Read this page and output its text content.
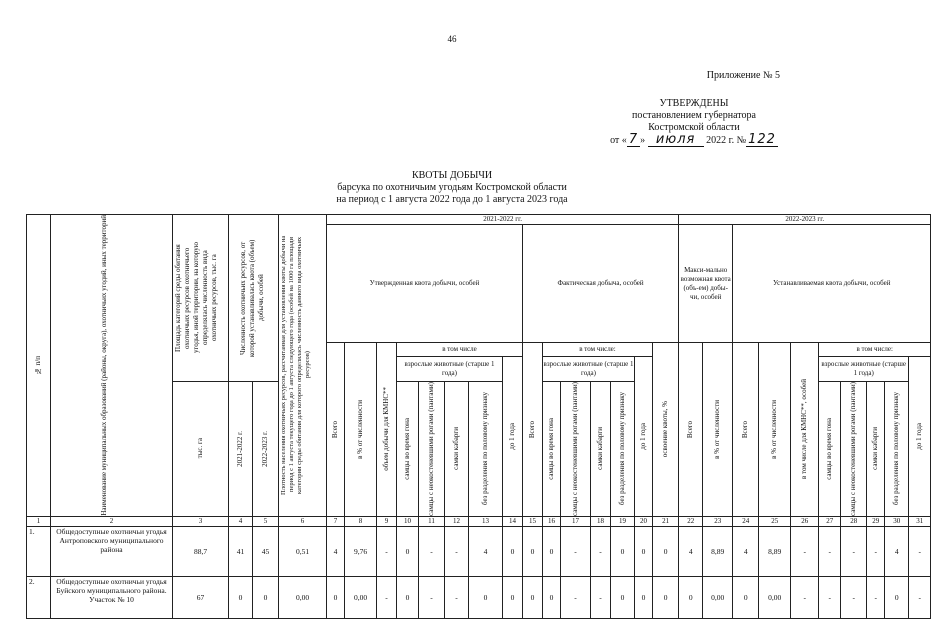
46
Приложение № 5
УТВЕРЖДЕНЫ
постановлением губернатора
Костромской области
от « 7 » июля 2022 г. № 122
КВОТЫ ДОБЫЧИ
барсука по охотничьим угодьям Костромской области
на период с 1 августа 2022 года до 1 августа 2023 года
№ п/п	Наименование муниципальных образований (районы, округа), охотничьих угодий, иных территорий	Площадь категорий среды обитания охотничьих ресурсов охотничьего угодья, иной территории, на которую определялась численность вида охотничьих ресурсов, тыс. га	Численность охотничьих ресурсов, от которой устанавливалась квота (объем) добычи, особей		Плотность населения охотничьих ресурсов, рассчитанная для установления квоты добычи на период с 1 августа текущего года до 1 августа следующего года (особей на 1000 га площади категории среды обитания для которого определялась численность данного вида охотничьих ресурсов)	2021-2022 гг.															2022-2023 гг.									
						Утвержденная квота добычи, особей								Фактическая добыча, особей							Макси-мально возможная квота (объ-ем) добы-чи, особей		Устанавливаемая квота добычи, особей							

						Всего	в % от численности	объем добычи для КМНС**	в том числе					Всего	в том числе:					освоение квоты, %	Всего	в % от численности	Всего	в % от численности	в том числе для КМНС**, особей	в том числе:				
									взрослые животные (старше 1 года)				до 1 года		взрослые животные (старше 1 года)				до 1 года							взрослые животные (старше 1 года)				до 1 года

		тыс. га	2021-2022 г.	2022-2023 г.					самцы во время гона	самцы с неокостеневшими рогами (пантами)	самки кабарги	без разделения по половому признаку			самцы во время гона	самцы с неокостеневшими рогами (пантами)	самки кабарги	без разделения по половому признаку								самцы во время гона	самцы с неокостеневшими рогами (пантами)	самки кабарги	без разделения по половому признаку	

1	2	3	4	5	6	7	8	9	10	11	12	13	14	15	16	17	18	19	20	21	22	23	24	25	26	27	28	29	30	31
1.	Общедоступные охотничьи угодья Антроповского муниципального района	88,7	41	45	0,51	4	9,76	-	0	-	-	4	0	0	0	-	-	0	0	0	4	8,89	4	8,89	-	-	-	-	4	-
2.	Общедоступные охотничьи угодья Буйского муниципального района. Участок № 10	67	0	0	0,00	0	0,00	-	0	-	-	0	0	0	0	-	-	0	0	0	0	0,00	0	0,00	-	-	-	-	0	-
